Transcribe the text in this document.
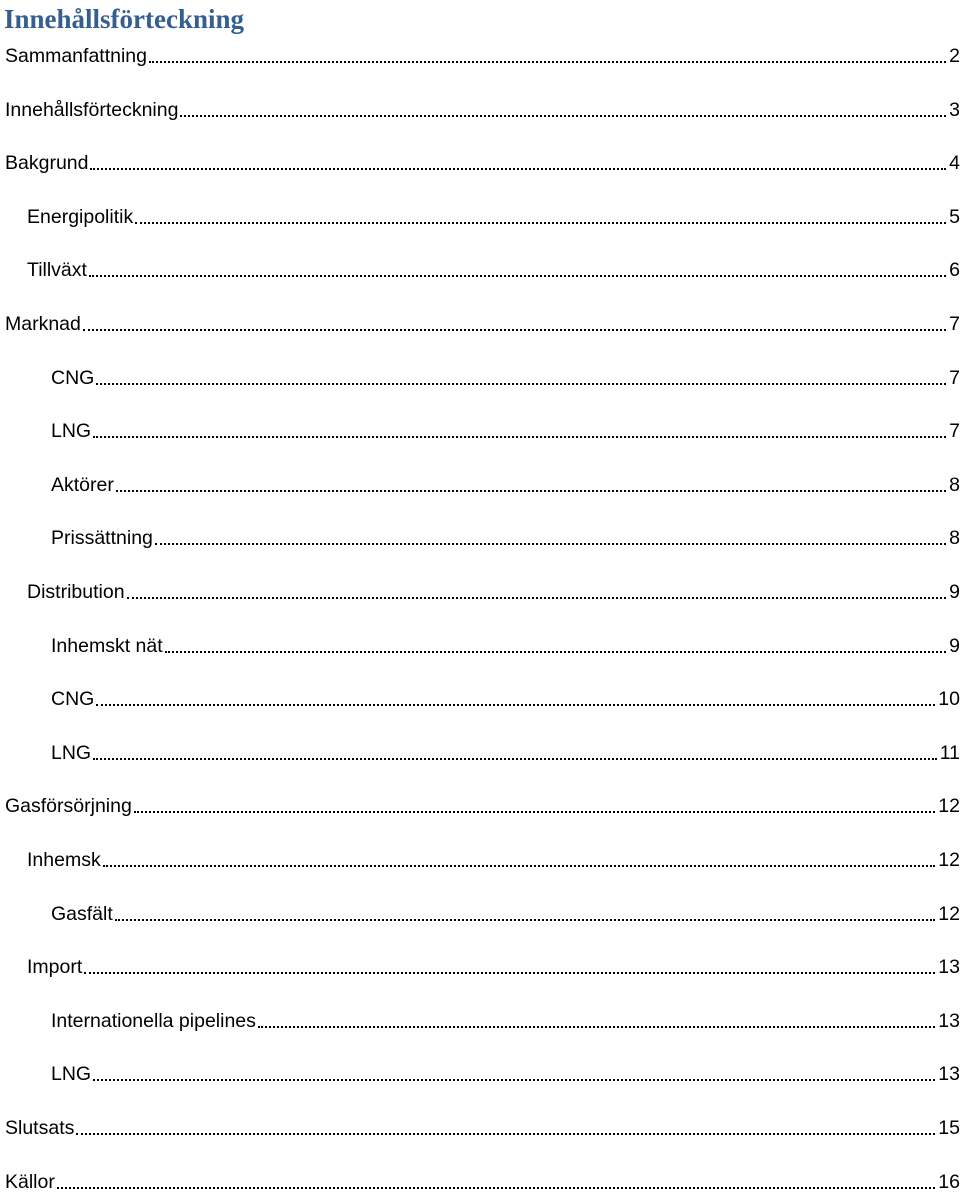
Innehållsförteckning
Sammanfattning	2
Innehållsförteckning	3
Bakgrund	4
Energipolitik	5
Tillväxt	6
Marknad	7
CNG	7
LNG	7
Aktörer	8
Prissättning	8
Distribution	9
Inhemskt nät	9
CNG	10
LNG	11
Gasförsörjning	12
Inhemsk	12
Gasfält	12
Import	13
Internationella pipelines	13
LNG	13
Slutsats	15
Källor	16
